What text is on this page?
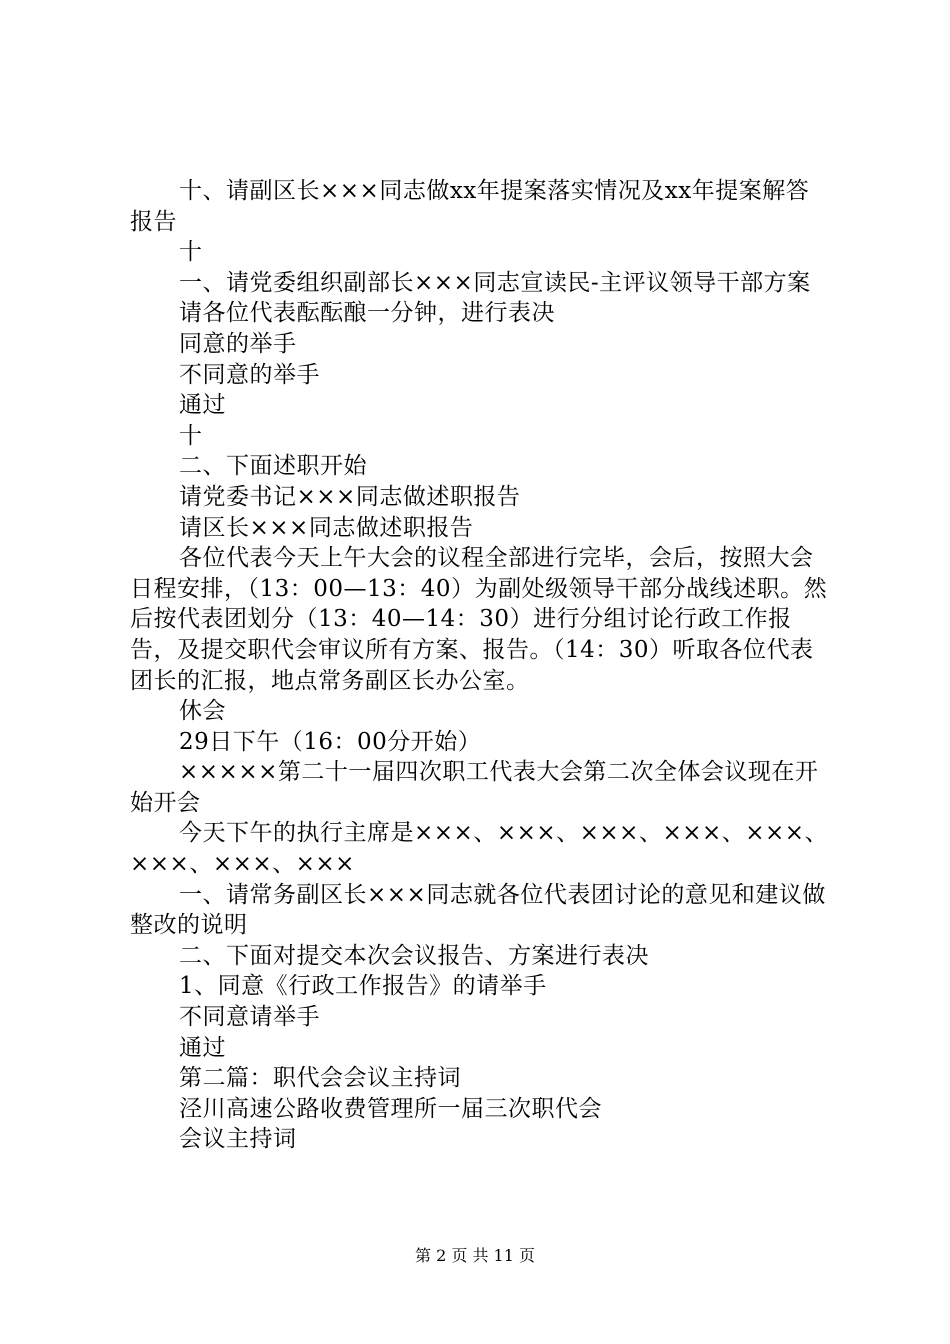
十、请副区长×××同志做xx年提案落实情况及xx年提案解答报告

十

一、请党委组织副部长×××同志宣读民-主评议领导干部方案

请各位代表酝酝酿一分钟，进行表决

同意的举手

不同意的举手

通过

十

二、下面述职开始

请党委书记×××同志做述职报告

请区长×××同志做述职报告

各位代表今天上午大会的议程全部进行完毕，会后，按照大会日程安排，（13：00—13：40）为副处级领导干部分战线述职。然后按代表团划分（13：40—14：30）进行分组讨论行政工作报告，及提交职代会审议所有方案、报告。（14：30）听取各位代表团长的汇报，地点常务副区长办公室。

休会

29日下午（16：00分开始）

×××××第二十一届四次职工代表大会第二次全体会议现在开始开会

今天下午的执行主席是×××、×××、×××、×××、×××、×××、×××、×××

一、请常务副区长×××同志就各位代表团讨论的意见和建议做整改的说明

二、下面对提交本次会议报告、方案进行表决

1、同意《行政工作报告》的请举手

不同意请举手

通过

第二篇：职代会会议主持词

泾川高速公路收费管理所一届三次职代会

会议主持词

第 2 页 共 11 页
